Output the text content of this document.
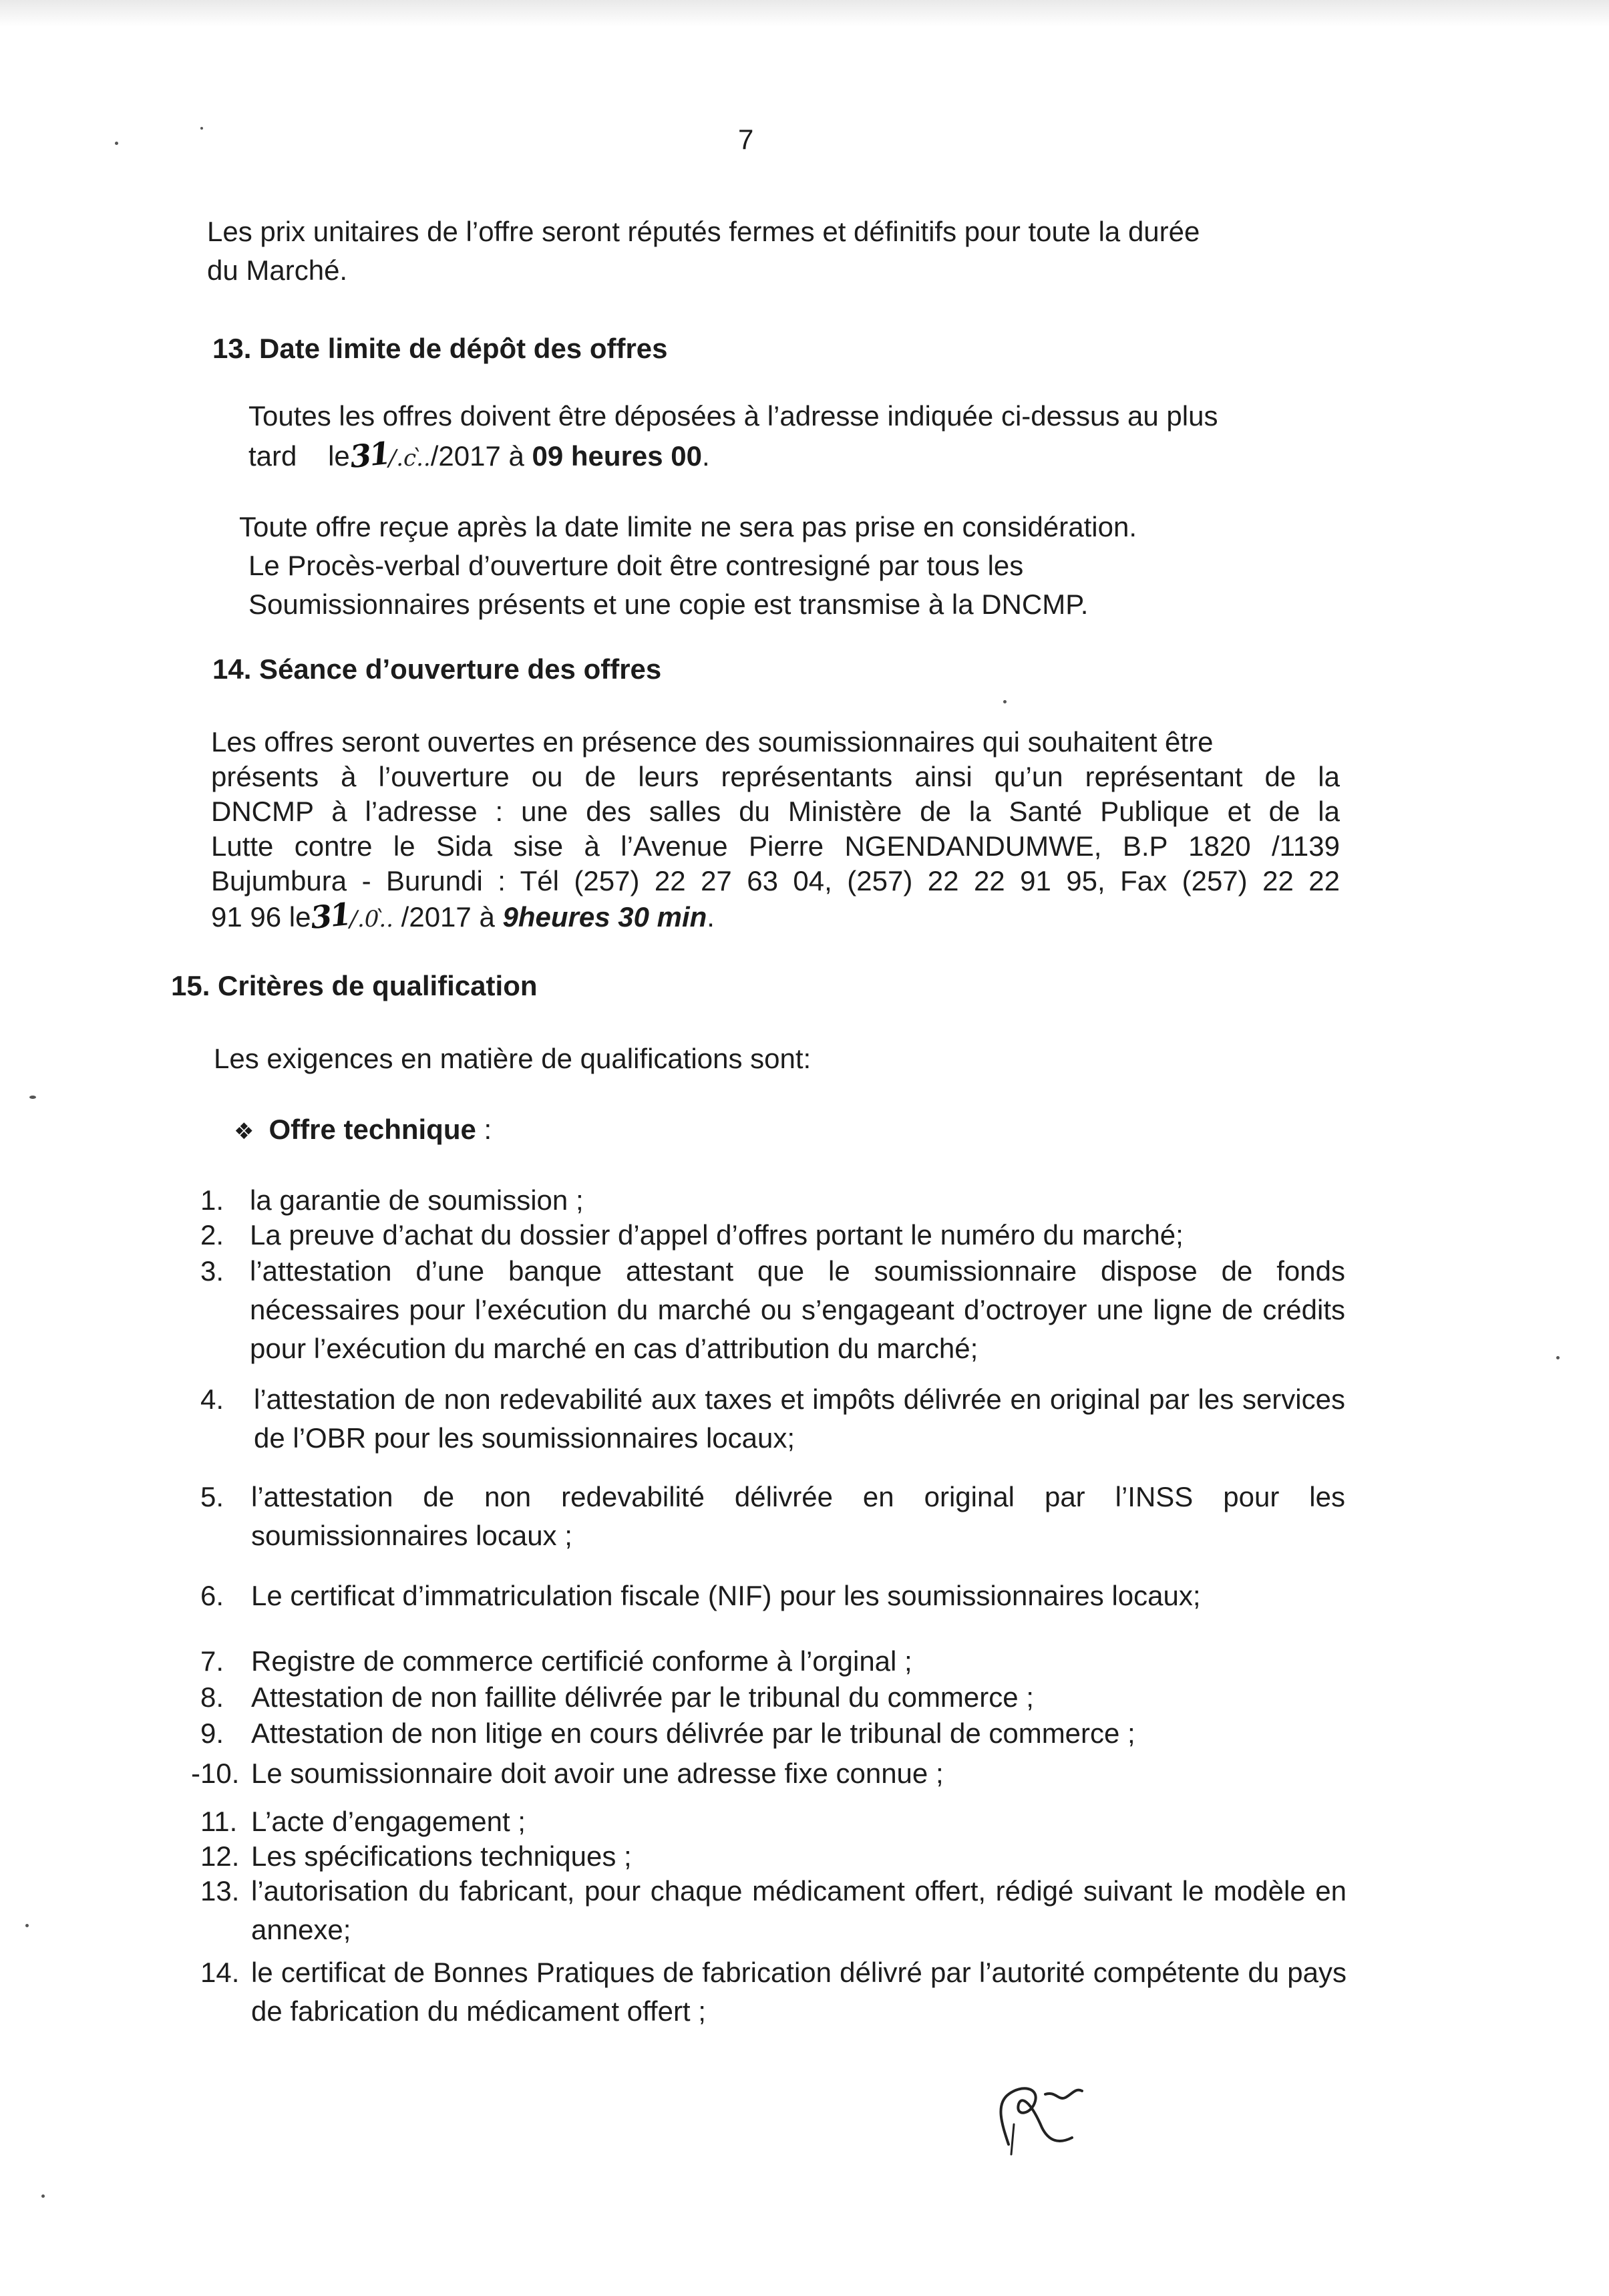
7
Les prix unitaires de l’offre seront réputés fermes et définitifs pour toute la durée
du Marché.
13. Date limite de dépôt des offres
Toutes les offres doivent être déposées à l’adresse indiquée ci-dessus au plus
tard le31/.c.̀./2017 à 09 heures 00.
Toute offre reçue après la date limite ne sera pas prise en considération.
Le Procès-verbal d’ouverture doit être contresigné par tous les
Soumissionnaires présents et une copie est transmise à la DNCMP.
14. Séance d’ouverture des offres
Les offres seront ouvertes en présence des soumissionnaires qui souhaitent être
présents à l’ouverture ou de leurs représentants ainsi qu’un représentant de la
DNCMP à l’adresse : une des salles du Ministère de la Santé Publique et de la
Lutte contre le Sida sise à l’Avenue Pierre NGENDANDUMWE, B.P 1820 /1139
Bujumbura - Burundi : Tél (257) 22 27 63 04, (257) 22 22 91 95, Fax (257) 22 22
91 96 le31/.0.̀. /2017 à 9heures 30 min.
15. Critères de qualification
Les exigences en matière de qualifications sont:
❖ Offre technique :
1. la garantie de soumission ;
2. La preuve d’achat du dossier d’appel d’offres portant le numéro du marché;
3. l’attestation d’une banque attestant que le soumissionnaire dispose de fonds nécessaires pour l’exécution du marché ou s’engageant d’octroyer une ligne de crédits pour l’exécution du marché en cas d’attribution du marché;
4. l’attestation de non redevabilité aux taxes et impôts délivrée en original par les services de l’OBR pour les soumissionnaires locaux;
5. l’attestation de non redevabilité délivrée en original par l’INSS pour les soumissionnaires locaux ;
6. Le certificat d’immatriculation fiscale (NIF) pour les soumissionnaires locaux;
7. Registre de commerce certificié conforme à l’orginal ;
8. Attestation de non faillite délivrée par le tribunal du commerce ;
9. Attestation de non litige en cours délivrée par le tribunal de commerce ;
-10. Le soumissionnaire doit avoir une adresse fixe connue ;
11. L’acte d’engagement ;
12. Les spécifications techniques ;
13. l’autorisation du fabricant, pour chaque médicament offert, rédigé suivant le modèle en annexe;
14. le certificat de Bonnes Pratiques de fabrication délivré par l’autorité compétente du pays de fabrication du médicament offert ;
